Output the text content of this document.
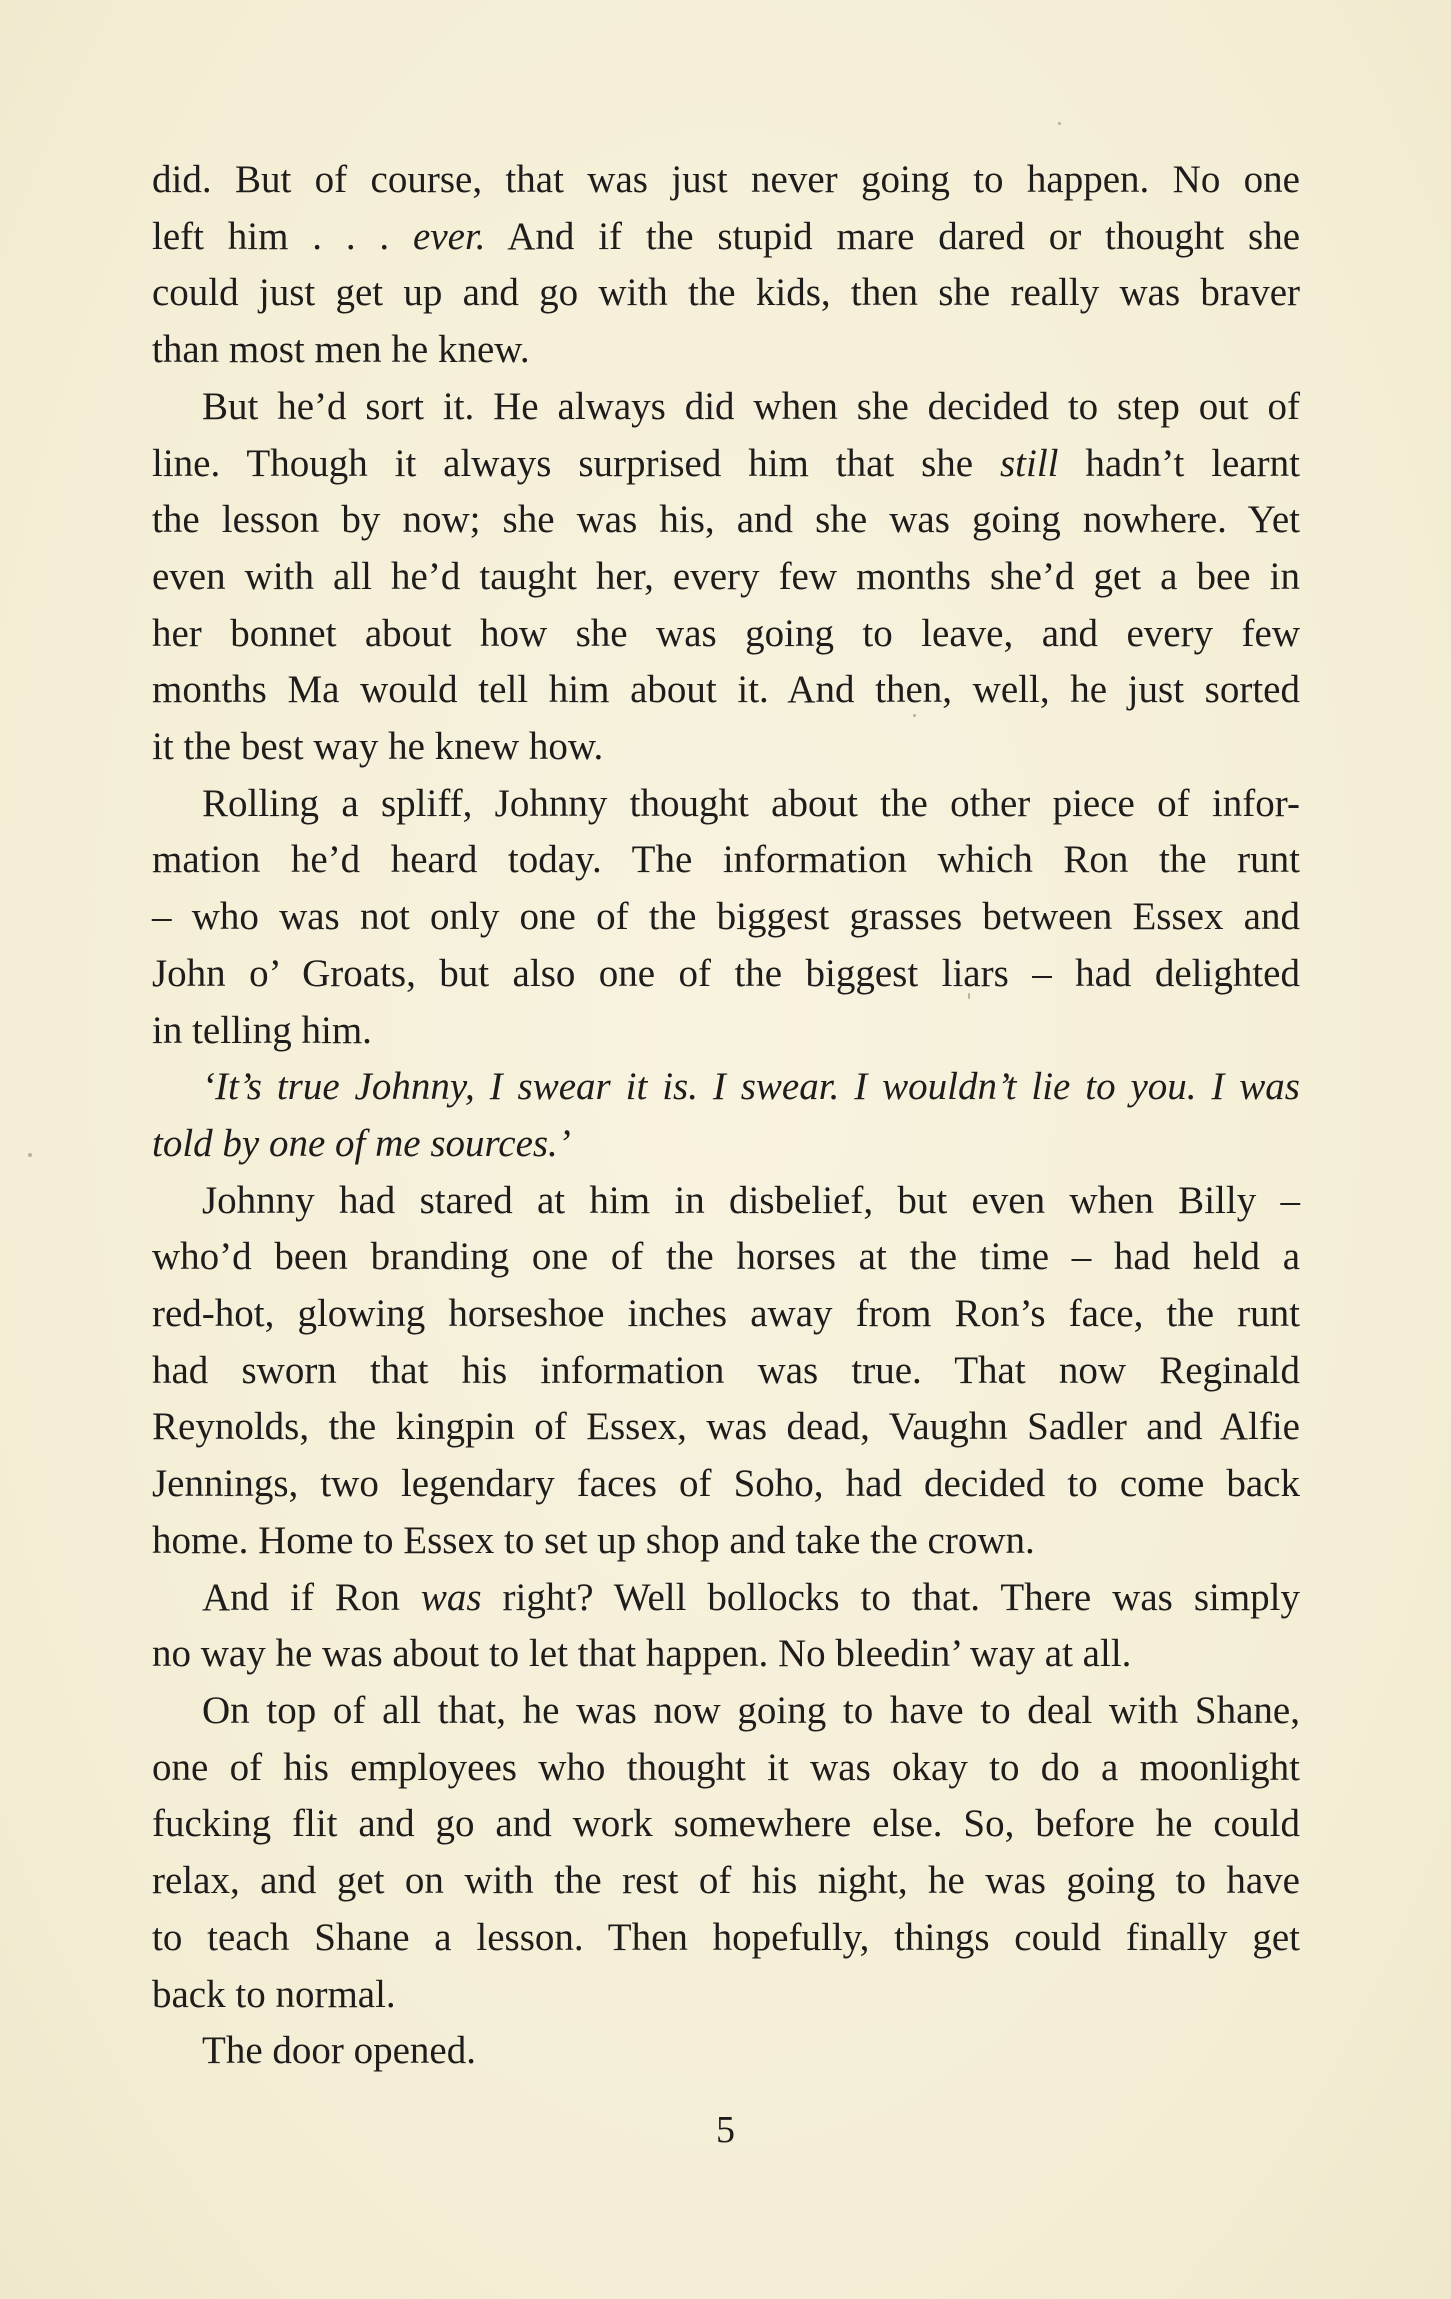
did. But of course, that was just never going to happen. No one
left him . . . ever. And if the stupid mare dared or thought she
could just get up and go with the kids, then she really was braver
than most men he knew.
But he’d sort it. He always did when she decided to step out of
line. Though it always surprised him that she still hadn’t learnt
the lesson by now; she was his, and she was going nowhere. Yet
even with all he’d taught her, every few months she’d get a bee in
her bonnet about how she was going to leave, and every few
months Ma would tell him about it. And then, well, he just sorted
it the best way he knew how.
Rolling a spliff, Johnny thought about the other piece of infor-
mation he’d heard today. The information which Ron the runt
– who was not only one of the biggest grasses between Essex and
John o’ Groats, but also one of the biggest liars – had delighted
in telling him.
‘It’s true Johnny, I swear it is. I swear. I wouldn’t lie to you. I was
told by one of me sources.’
Johnny had stared at him in disbelief, but even when Billy –
who’d been branding one of the horses at the time – had held a
red-hot, glowing horseshoe inches away from Ron’s face, the runt
had sworn that his information was true. That now Reginald
Reynolds, the kingpin of Essex, was dead, Vaughn Sadler and Alfie
Jennings, two legendary faces of Soho, had decided to come back
home. Home to Essex to set up shop and take the crown.
And if Ron was right? Well bollocks to that. There was simply
no way he was about to let that happen. No bleedin’ way at all.
On top of all that, he was now going to have to deal with Shane,
one of his employees who thought it was okay to do a moonlight
fucking flit and go and work somewhere else. So, before he could
relax, and get on with the rest of his night, he was going to have
to teach Shane a lesson. Then hopefully, things could finally get
back to normal.
The door opened.
5
